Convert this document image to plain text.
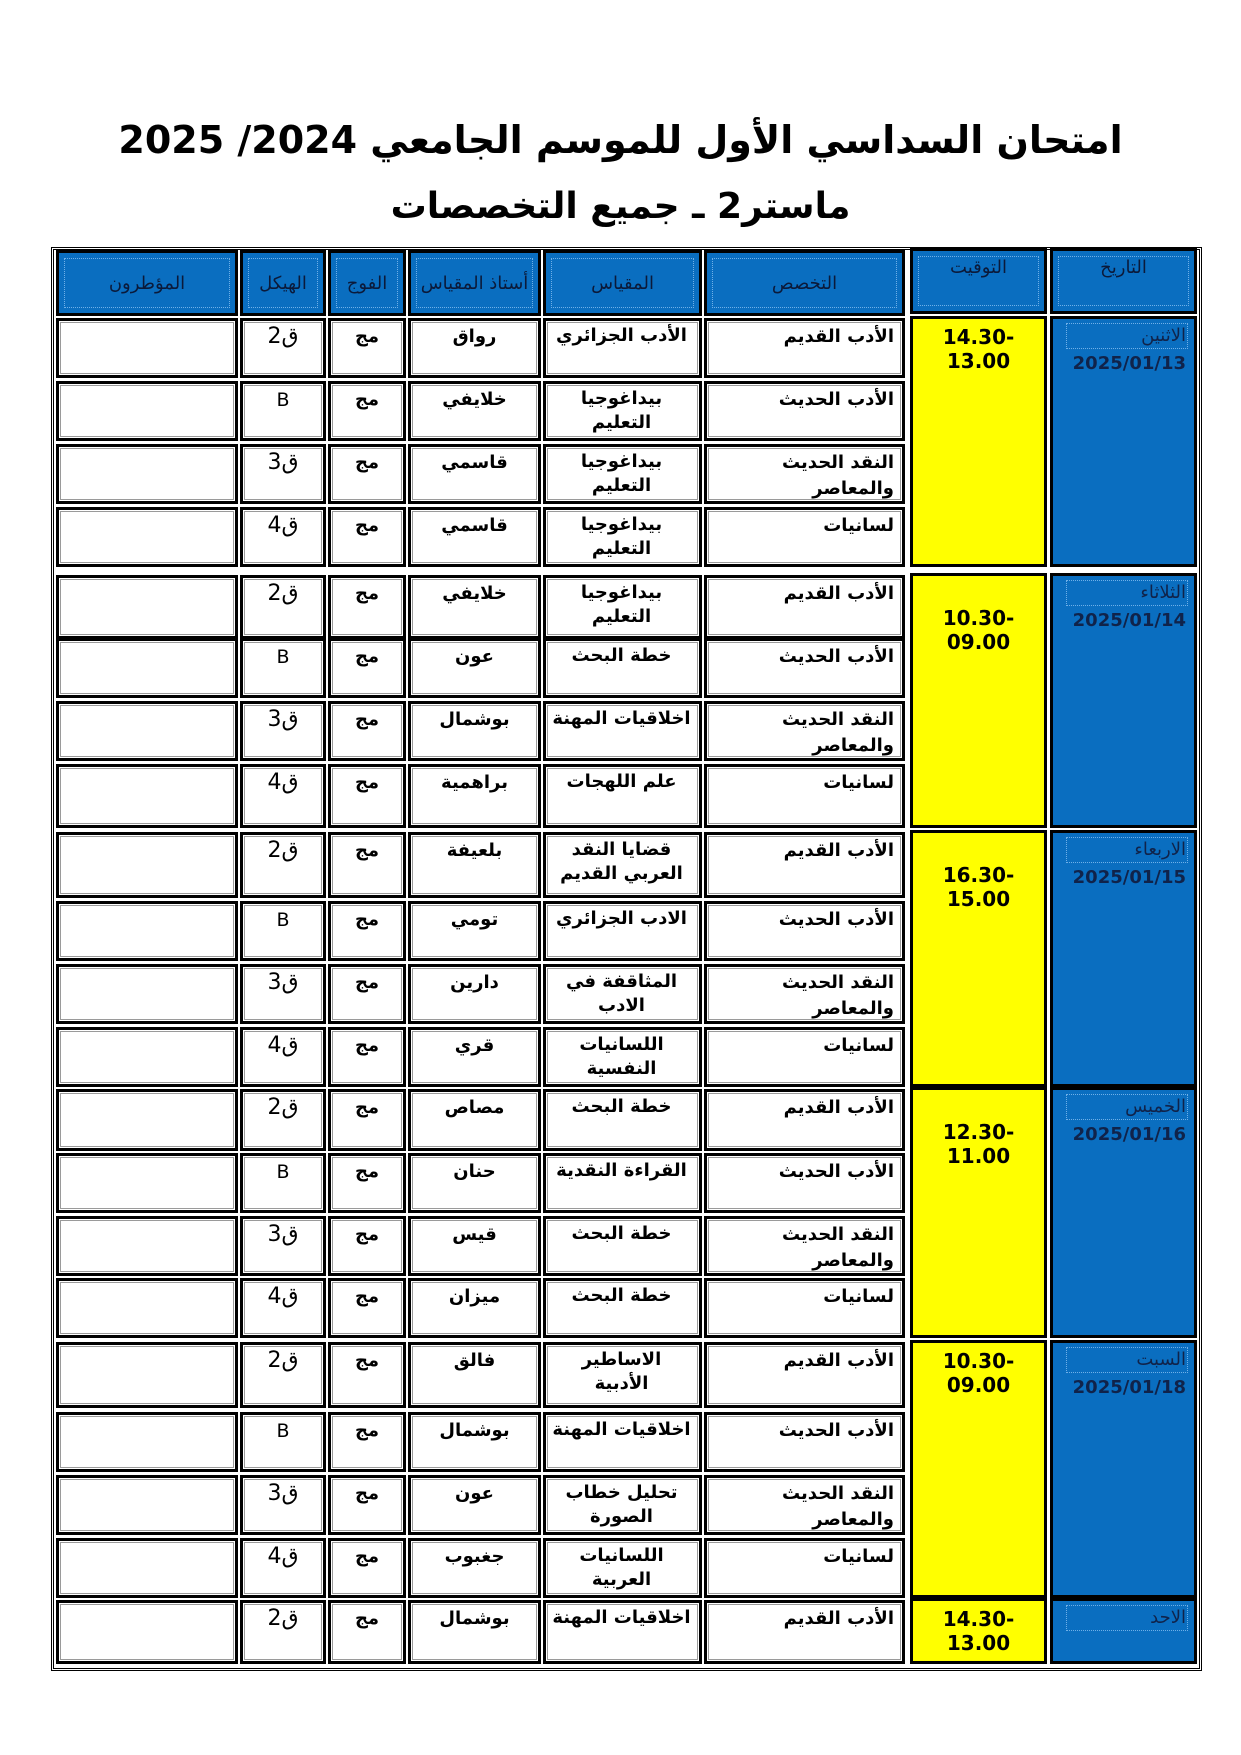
امتحان السداسي الأول للموسم الجامعي 2024/ 2025
ماستر2 ـ جميع التخصصات
التاريخ
التوقيت
التخصص
المقياس
أستاذ المقياس
الفوج
الهيكل
المؤطرون
الاثنين
2025/01/13
14.30-13.00
الأدب القديم
الأدب الجزائري
رواق
مج
ق2
الأدب الحديث
بيداغوجيا التعليم
خلايفي
مج
B
النقد الحديث والمعاصر
بيداغوجيا التعليم
قاسمي
مج
ق3
لسانيات
بيداغوجيا التعليم
قاسمي
مج
ق4
الثلاثاء
2025/01/14
10.30-09.00
الأدب القديم
بيداغوجيا التعليم
خلايفي
مج
ق2
الأدب الحديث
خطة البحث
عون
مج
B
النقد الحديث والمعاصر
اخلاقيات المهنة
بوشمال
مج
ق3
لسانيات
علم اللهجات
براهمية
مج
ق4
الاربعاء
2025/01/15
16.30-15.00
الأدب القديم
قضايا النقد العربي القديم
بلعيفة
مج
ق2
الأدب الحديث
الادب الجزائري
تومي
مج
B
النقد الحديث والمعاصر
المثاقفة في الادب
دارين
مج
ق3
لسانيات
اللسانيات النفسية
قري
مج
ق4
الخميس
2025/01/16
12.30-11.00
الأدب القديم
خطة البحث
مصاص
مج
ق2
الأدب الحديث
القراءة النقدية
حنان
مج
B
النقد الحديث والمعاصر
خطة البحث
قيس
مج
ق3
لسانيات
خطة البحث
ميزان
مج
ق4
السبت
2025/01/18
10.30-09.00
الأدب القديم
الاساطير الأدبية
فالق
مج
ق2
الأدب الحديث
اخلاقيات المهنة
بوشمال
مج
B
النقد الحديث والمعاصر
تحليل خطاب الصورة
عون
مج
ق3
لسانيات
اللسانيات العربية
جغبوب
مج
ق4
الاحد
14.30-13.00
الأدب القديم
اخلاقيات المهنة
بوشمال
مج
ق2
